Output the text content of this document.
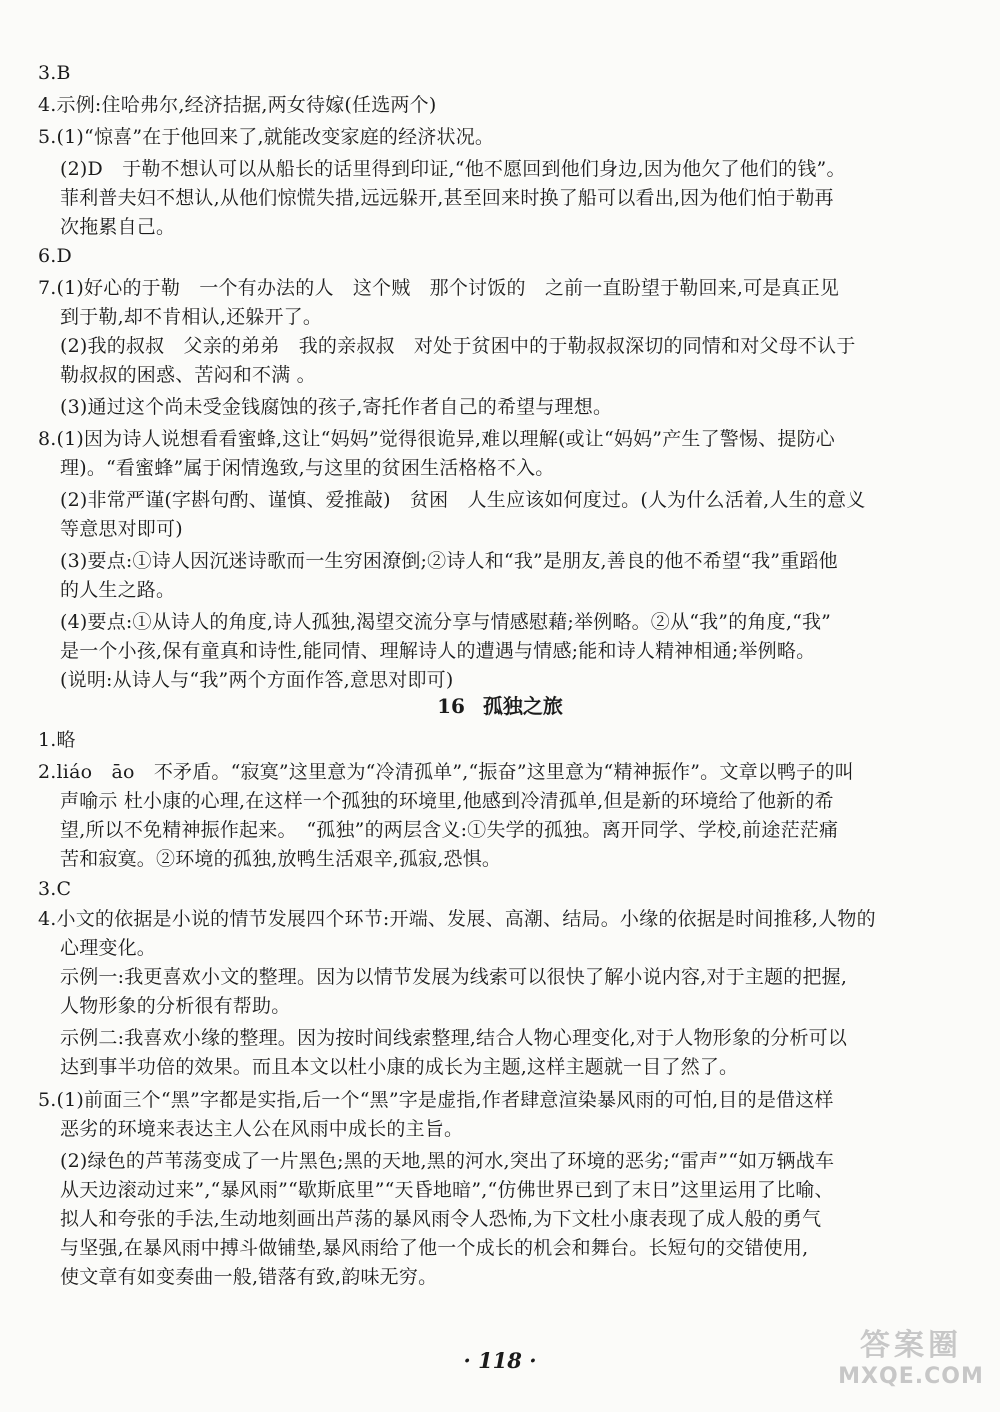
3.B
4.示例:住哈弗尔,经济拮据,两女待嫁(任选两个)
5.(1)“惊喜”在于他回来了,就能改变家庭的经济状况。
(2)D　于勒不想认可以从船长的话里得到印证,“他不愿回到他们身边,因为他欠了他们的钱”。
菲利普夫妇不想认,从他们惊慌失措,远远躲开,甚至回来时换了船可以看出,因为他们怕于勒再
次拖累自己。
6.D
7.(1)好心的于勒　一个有办法的人　这个贼　那个讨饭的　之前一直盼望于勒回来,可是真正见
到于勒,却不肯相认,还躲开了。
(2)我的叔叔　父亲的弟弟　我的亲叔叔　对处于贫困中的于勒叔叔深切的同情和对父母不认于
勒叔叔的困惑、苦闷和不满 。
(3)通过这个尚未受金钱腐蚀的孩子,寄托作者自己的希望与理想。
8.(1)因为诗人说想看看蜜蜂,这让“妈妈”觉得很诡异,难以理解(或让“妈妈”产生了警惕、提防心
理)。“看蜜蜂”属于闲情逸致,与这里的贫困生活格格不入。
(2)非常严谨(字斟句酌、谨慎、爱推敲)　贫困　人生应该如何度过。(人为什么活着,人生的意义
等意思对即可)
(3)要点:①诗人因沉迷诗歌而一生穷困潦倒;②诗人和“我”是朋友,善良的他不希望“我”重蹈他
的人生之路。
(4)要点:①从诗人的角度,诗人孤独,渴望交流分享与情感慰藉;举例略。②从“我”的角度,“我”
是一个小孩,保有童真和诗性,能同情、理解诗人的遭遇与情感;能和诗人精神相通;举例略。
(说明:从诗人与“我”两个方面作答,意思对即可)
16 孤独之旅
1.略
2.liáo　āo　不矛盾。“寂寞”这里意为“冷清孤单”,“振奋”这里意为“精神振作”。文章以鸭子的叫
声喻示 杜小康的心理,在这样一个孤独的环境里,他感到冷清孤单,但是新的环境给了他新的希
望,所以不免精神振作起来。　“孤独”的两层含义:①失学的孤独。离开同学、学校,前途茫茫痛
苦和寂寞。②环境的孤独,放鸭生活艰辛,孤寂,恐惧。
3.C
4.小文的依据是小说的情节发展四个环节:开端、发展、高潮、结局。小缘的依据是时间推移,人物的
心理变化。
示例一:我更喜欢小文的整理。因为以情节发展为线索可以很快了解小说内容,对于主题的把握,
人物形象的分析很有帮助。
示例二:我喜欢小缘的整理。因为按时间线索整理,结合人物心理变化,对于人物形象的分析可以
达到事半功倍的效果。而且本文以杜小康的成长为主题,这样主题就一目了然了。
5.(1)前面三个“黑”字都是实指,后一个“黑”字是虚指,作者肆意渲染暴风雨的可怕,目的是借这样
恶劣的环境来表达主人公在风雨中成长的主旨。
(2)绿色的芦苇荡变成了一片黑色;黑的天地,黑的河水,突出了环境的恶劣;“雷声”“如万辆战车
从天边滚动过来”,“暴风雨”“歇斯底里”“天昏地暗”,“仿佛世界已到了末日”这里运用了比喻、
拟人和夸张的手法,生动地刻画出芦荡的暴风雨令人恐怖,为下文杜小康表现了成人般的勇气
与坚强,在暴风雨中搏斗做铺垫,暴风雨给了他一个成长的机会和舞台。长短句的交错使用,
使文章有如变奏曲一般,错落有致,韵味无穷。
· 118 ·	答案圈
MXQE.COM
